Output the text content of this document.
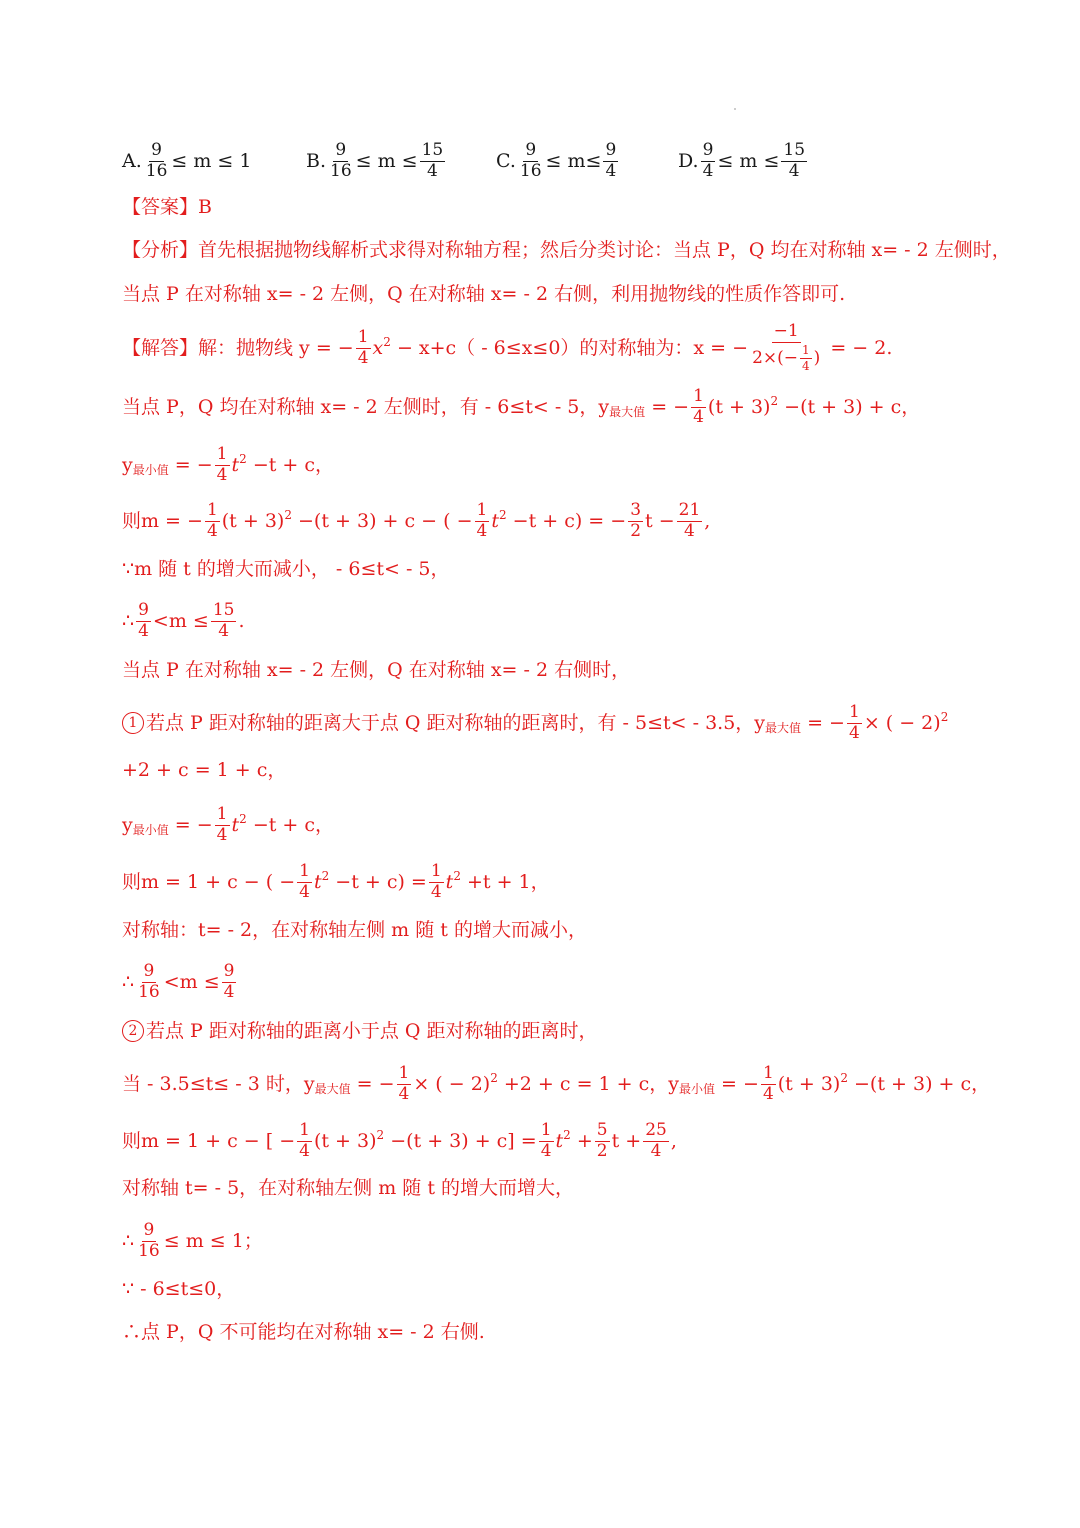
A. $\frac{9}{16} \le m \le 1$	B. $\frac{9}{16} \le m \le \frac{15}{4}$	C. $\frac{9}{16} \le m\le \frac{9}{4}$	D. $\frac{9}{4} \le m \le \frac{15}{4}$
【答案】 B
【分析】 首先根据抛物线解析式求得对称轴方程；然后分类讨论：当点 P，Q 均在对称轴 x= - 2 左侧时，
当点 P 在对称轴 x= - 2 左侧，Q 在对称轴 x= - 2 右侧，利用抛物线的性质作答即可.
【解答】 解：抛物线 y = − $\frac{1}{4} x^2 - x+c( - 6\le x\le 0)$的对称轴为：x = − $\frac{-1}{2\times(- \frac{1}{4} )}$ = − 2.
当点 P，Q 均在对称轴 x= - 2 左侧时，有 - 6≤t< - 5，y 最大值 = − $\frac{1}{4} (t + 3)^2 -(t + 3) + c$，
y 最小值 = − $\frac{1}{4} t^2 -t + c$，
则m = − $\frac{1}{4} (t + 3)^2 -(t + 3) + c$ − ( − $\frac{1}{4} t^2 -t + c$) = − $\frac{3}{2}$ $t - \frac{21}{4}$ ,
∵m 随 t 的增大而减小， - 6≤t< - 5，
∴ $\frac{9}{4} <m \le \frac{15}{4}$ .
当点 P 在对称轴 x= - 2 左侧，Q 在对称轴 x= - 2 右侧时，
1 若点 P 距对称轴的距离大于点 Q 距对称轴的距离时，有 - 5≤t< - 3.5，y 最大值 = − $\frac{1}{4}$ × ( − 2)$^2$
+2 + c = 1 + c，
y 最小值 = − $\frac{1}{4} t^2 -t + c$，
则m = 1 + c − ( − $\frac{1}{4} t^2 -t + c) = \frac{1}{4} t^2 +t + 1$，
对称轴：t= - 2，在对称轴左侧 m 随 t 的增大而减小，
∴ $\frac{9}{16} <m \le \frac{9}{4}$
2 若点 P 距对称轴的距离小于点 Q 距对称轴的距离时，
当 - 3.5≤t≤ - 3 时，y 最大值 = − $\frac{1}{4}$ × ( − 2)$^2$ +2 + c = 1 + c，y 最小值 = − $\frac{1}{4} (t + 3)^2 -(t + 3) + c$，
则m = 1 + c − [ − $\frac{1}{4} (t + 3)^2 -(t + 3) + c] = \frac{1}{4} t^2 + \frac{5}{2}$ $t + \frac{25}{4}$ ,
对称轴 t= - 5，在对称轴左侧 m 随 t 的增大而增大，
∴ $\frac{9}{16} \le m \le 1$；
∵ - 6≤t≤0，
∴点 P，Q 不可能均在对称轴 x= - 2 右侧.
